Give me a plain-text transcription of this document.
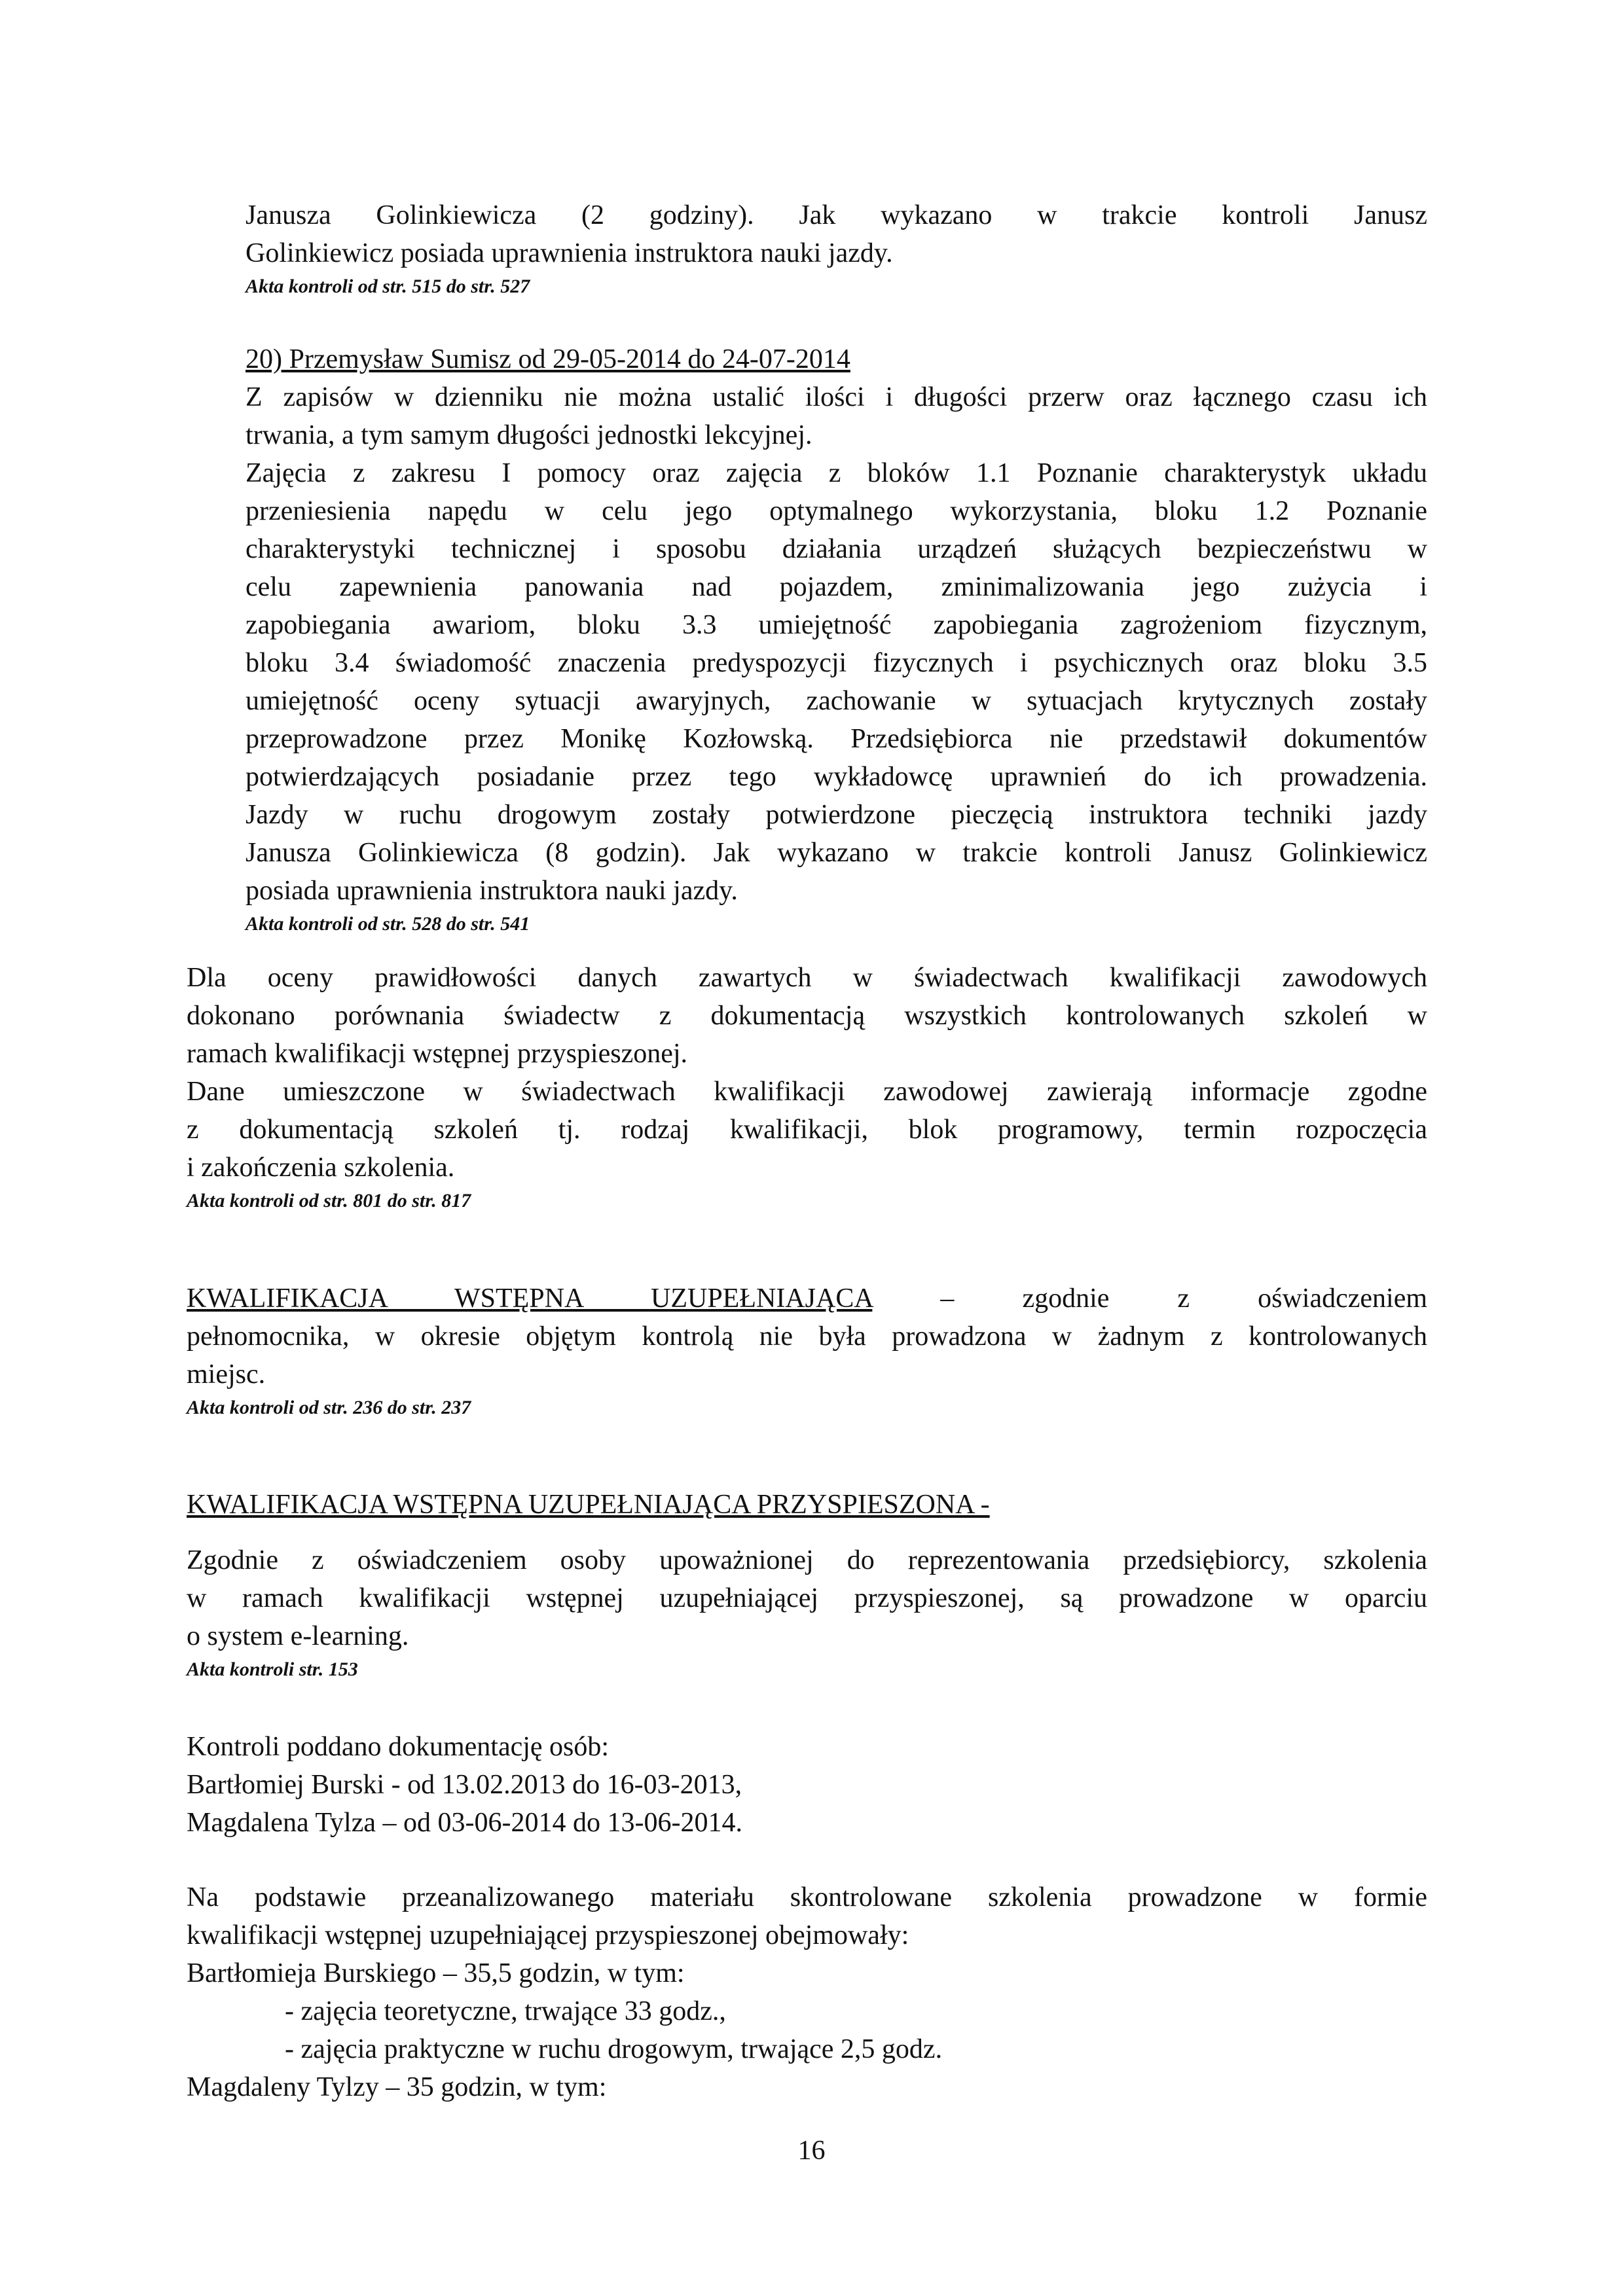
Janusza Golinkiewicza (2 godziny). Jak wykazano w trakcie kontroli Janusz

Golinkiewicz posiada uprawnienia instruktora nauki jazdy.

Akta kontroli od str. 515 do str. 527

20) Przemysław Sumisz od 29-05-2014 do 24-07-2014

Z zapisów w dzienniku nie można ustalić ilości i długości przerw oraz łącznego czasu ich

trwania, a tym samym długości jednostki lekcyjnej.

Zajęcia z zakresu I pomocy oraz zajęcia z bloków 1.1 Poznanie charakterystyk układu

przeniesienia napędu w celu jego optymalnego wykorzystania, bloku 1.2 Poznanie

charakterystyki technicznej i sposobu działania urządzeń służących bezpieczeństwu w

celu zapewnienia panowania nad pojazdem, zminimalizowania jego zużycia i

zapobiegania awariom, bloku 3.3 umiejętność zapobiegania zagrożeniom fizycznym,

bloku 3.4 świadomość znaczenia predyspozycji fizycznych i psychicznych oraz bloku 3.5

umiejętność oceny sytuacji awaryjnych, zachowanie w sytuacjach krytycznych zostały

przeprowadzone przez Monikę Kozłowską. Przedsiębiorca nie przedstawił dokumentów

potwierdzających posiadanie przez tego wykładowcę uprawnień do ich prowadzenia.

Jazdy w ruchu drogowym zostały potwierdzone pieczęcią instruktora techniki jazdy

Janusza Golinkiewicza (8 godzin). Jak wykazano w trakcie kontroli Janusz Golinkiewicz

posiada uprawnienia instruktora nauki jazdy.

Akta kontroli od str. 528 do str. 541

Dla oceny prawidłowości danych zawartych w świadectwach kwalifikacji zawodowych

dokonano porównania świadectw z dokumentacją wszystkich kontrolowanych szkoleń w

ramach kwalifikacji wstępnej przyspieszonej.

Dane umieszczone w świadectwach kwalifikacji zawodowej zawierają informacje zgodne

z dokumentacją szkoleń tj. rodzaj kwalifikacji, blok programowy, termin rozpoczęcia

i zakończenia szkolenia.

Akta kontroli od str. 801 do str. 817

KWALIFIKACJA WSTĘPNA UZUPEŁNIAJĄCA – zgodnie z oświadczeniem

pełnomocnika, w okresie objętym kontrolą nie była prowadzona w żadnym z kontrolowanych

miejsc.

Akta kontroli od str. 236 do str. 237

KWALIFIKACJA WSTĘPNA UZUPEŁNIAJĄCA PRZYSPIESZONA -

Zgodnie z oświadczeniem osoby upoważnionej do reprezentowania przedsiębiorcy, szkolenia

w ramach kwalifikacji wstępnej uzupełniającej przyspieszonej, są prowadzone w oparciu

o system e-learning.

Akta kontroli str. 153

Kontroli poddano dokumentację osób:

Bartłomiej Burski - od 13.02.2013 do 16-03-2013,

Magdalena Tylza – od 03-06-2014 do 13-06-2014.

Na podstawie przeanalizowanego materiału skontrolowane szkolenia prowadzone w formie

kwalifikacji wstępnej uzupełniającej przyspieszonej obejmowały:

Bartłomieja Burskiego – 35,5 godzin, w tym:

- zajęcia teoretyczne, trwające 33 godz.,

- zajęcia praktyczne w ruchu drogowym, trwające 2,5 godz.

Magdaleny Tylzy – 35 godzin, w tym:

16
